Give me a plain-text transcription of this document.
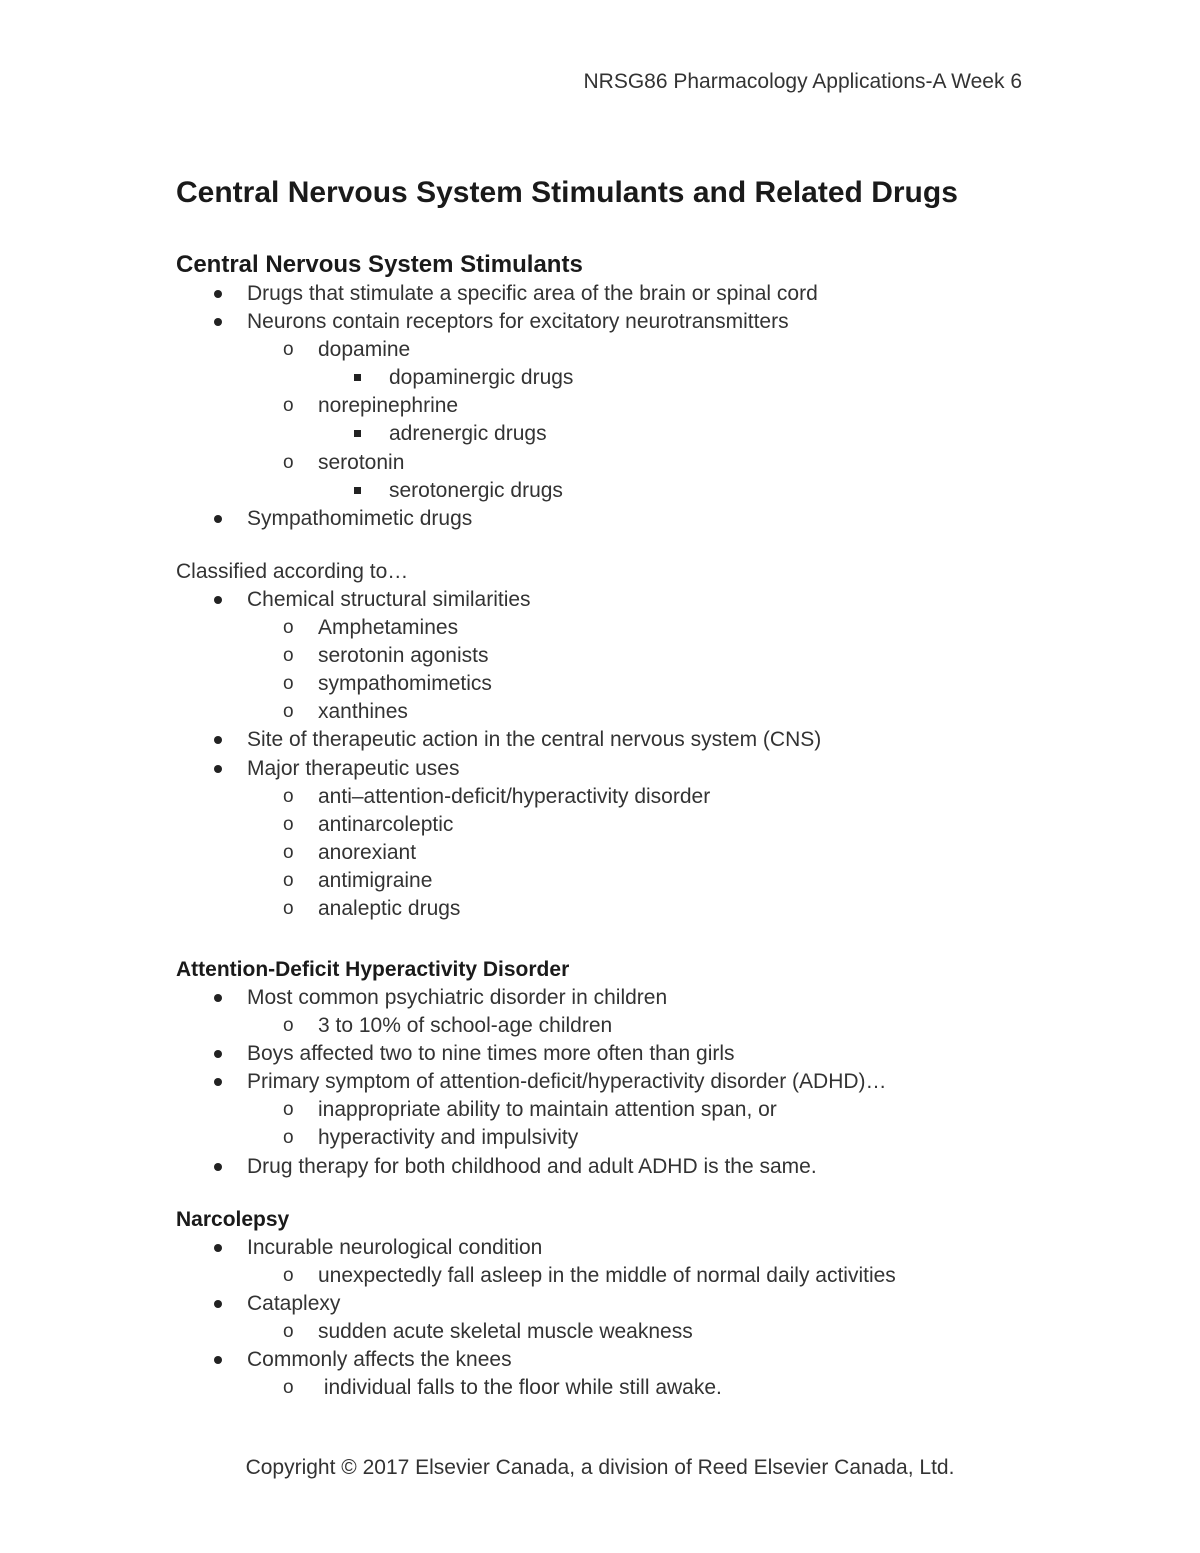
NRSG86 Pharmacology Applications-A Week 6
Central Nervous System Stimulants and Related Drugs
Central Nervous System Stimulants
Drugs that stimulate a specific area of the brain or spinal cord
Neurons contain receptors for excitatory neurotransmitters
o dopamine
dopaminergic drugs
o norepinephrine
adrenergic drugs
o serotonin
serotonergic drugs
Sympathomimetic drugs
Classified according to…
Chemical structural similarities
o Amphetamines
o serotonin agonists
o sympathomimetics
o xanthines
Site of therapeutic action in the central nervous system (CNS)
Major therapeutic uses
o anti–attention-deficit/hyperactivity disorder
o antinarcoleptic
o anorexiant
o antimigraine
o analeptic drugs
Attention-Deficit Hyperactivity Disorder
Most common psychiatric disorder in children
o 3 to 10% of school-age children
Boys affected two to nine times more often than girls
Primary symptom of attention-deficit/hyperactivity disorder (ADHD)…
o inappropriate ability to maintain attention span, or
o hyperactivity and impulsivity
Drug therapy for both childhood and adult ADHD is the same.
Narcolepsy
Incurable neurological condition
o unexpectedly fall asleep in the middle of normal daily activities
Cataplexy
o sudden acute skeletal muscle weakness
Commonly affects the knees
o individual falls to the floor while still awake.
Copyright © 2017 Elsevier Canada, a division of Reed Elsevier Canada, Ltd.
